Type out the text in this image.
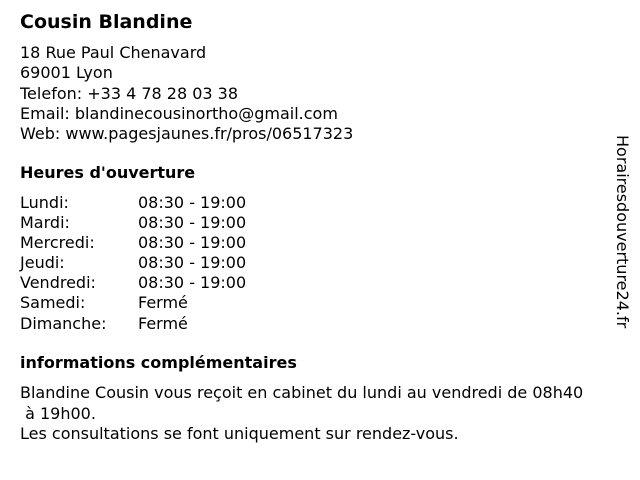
Cousin Blandine
18 Rue Paul Chenavard
69001 Lyon
Telefon: +33 4 78 28 03 38
Email: blandinecousinortho@gmail.com
Web: www.pagesjaunes.fr/pros/06517323
Heures d'ouverture
Lundi:	08:30 - 19:00
Mardi:	08:30 - 19:00
Mercredi:	08:30 - 19:00
Jeudi:	08:30 - 19:00
Vendredi:	08:30 - 19:00
Samedi:	Fermé
Dimanche:	Fermé
informations complémentaires
Blandine Cousin vous reçoit en cabinet du lundi au vendredi de 08h40
à 19h00.
Les consultations se font uniquement sur rendez-vous.
Horairesdouverture24.fr
